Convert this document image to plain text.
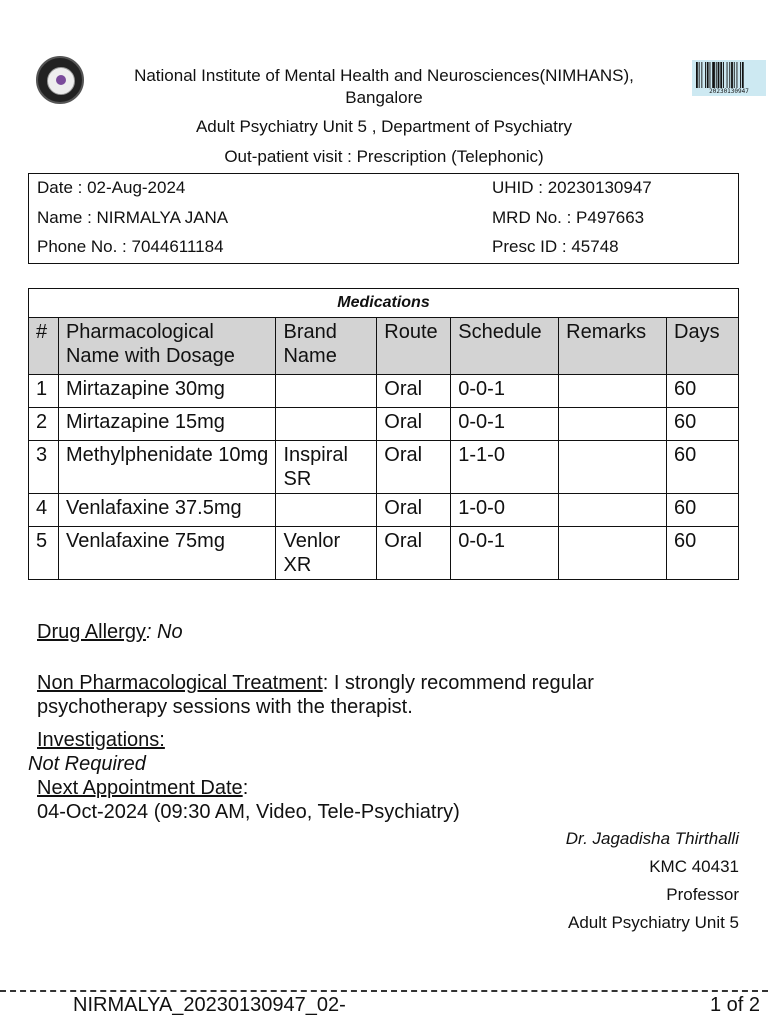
National Institute of Mental Health and Neurosciences(NIMHANS),
Bangalore
Adult Psychiatry Unit 5 , Department of Psychiatry
Out-patient visit : Prescription (Telephonic)
20230130947
Date : 02-Aug-2024
Name : NIRMALYA JANA
Phone No. : 7044611184
UHID : 20230130947
MRD No. : P497663
Presc ID : 45748
Medications						
#	Pharmacological Name with Dosage	Brand Name	Route	Schedule	Remarks	Days
1	Mirtazapine 30mg		Oral	0-0-1		60
2	Mirtazapine 15mg		Oral	0-0-1		60
3	Methylphenidate 10mg	Inspiral SR	Oral	1-1-0		60
4	Venlafaxine 37.5mg		Oral	1-0-0		60
5	Venlafaxine 75mg	Venlor XR	Oral	0-0-1		60
Drug Allergy: No
Non Pharmacological Treatment: I strongly recommend regular
psychotherapy sessions with the therapist.
Investigations:
Not Required
Next Appointment Date:
04-Oct-2024 (09:30 AM, Video, Tele-Psychiatry)
Dr. Jagadisha Thirthalli
KMC 40431
Professor
Adult Psychiatry Unit 5
NIRMALYA_20230130947_02-	1 of 2
